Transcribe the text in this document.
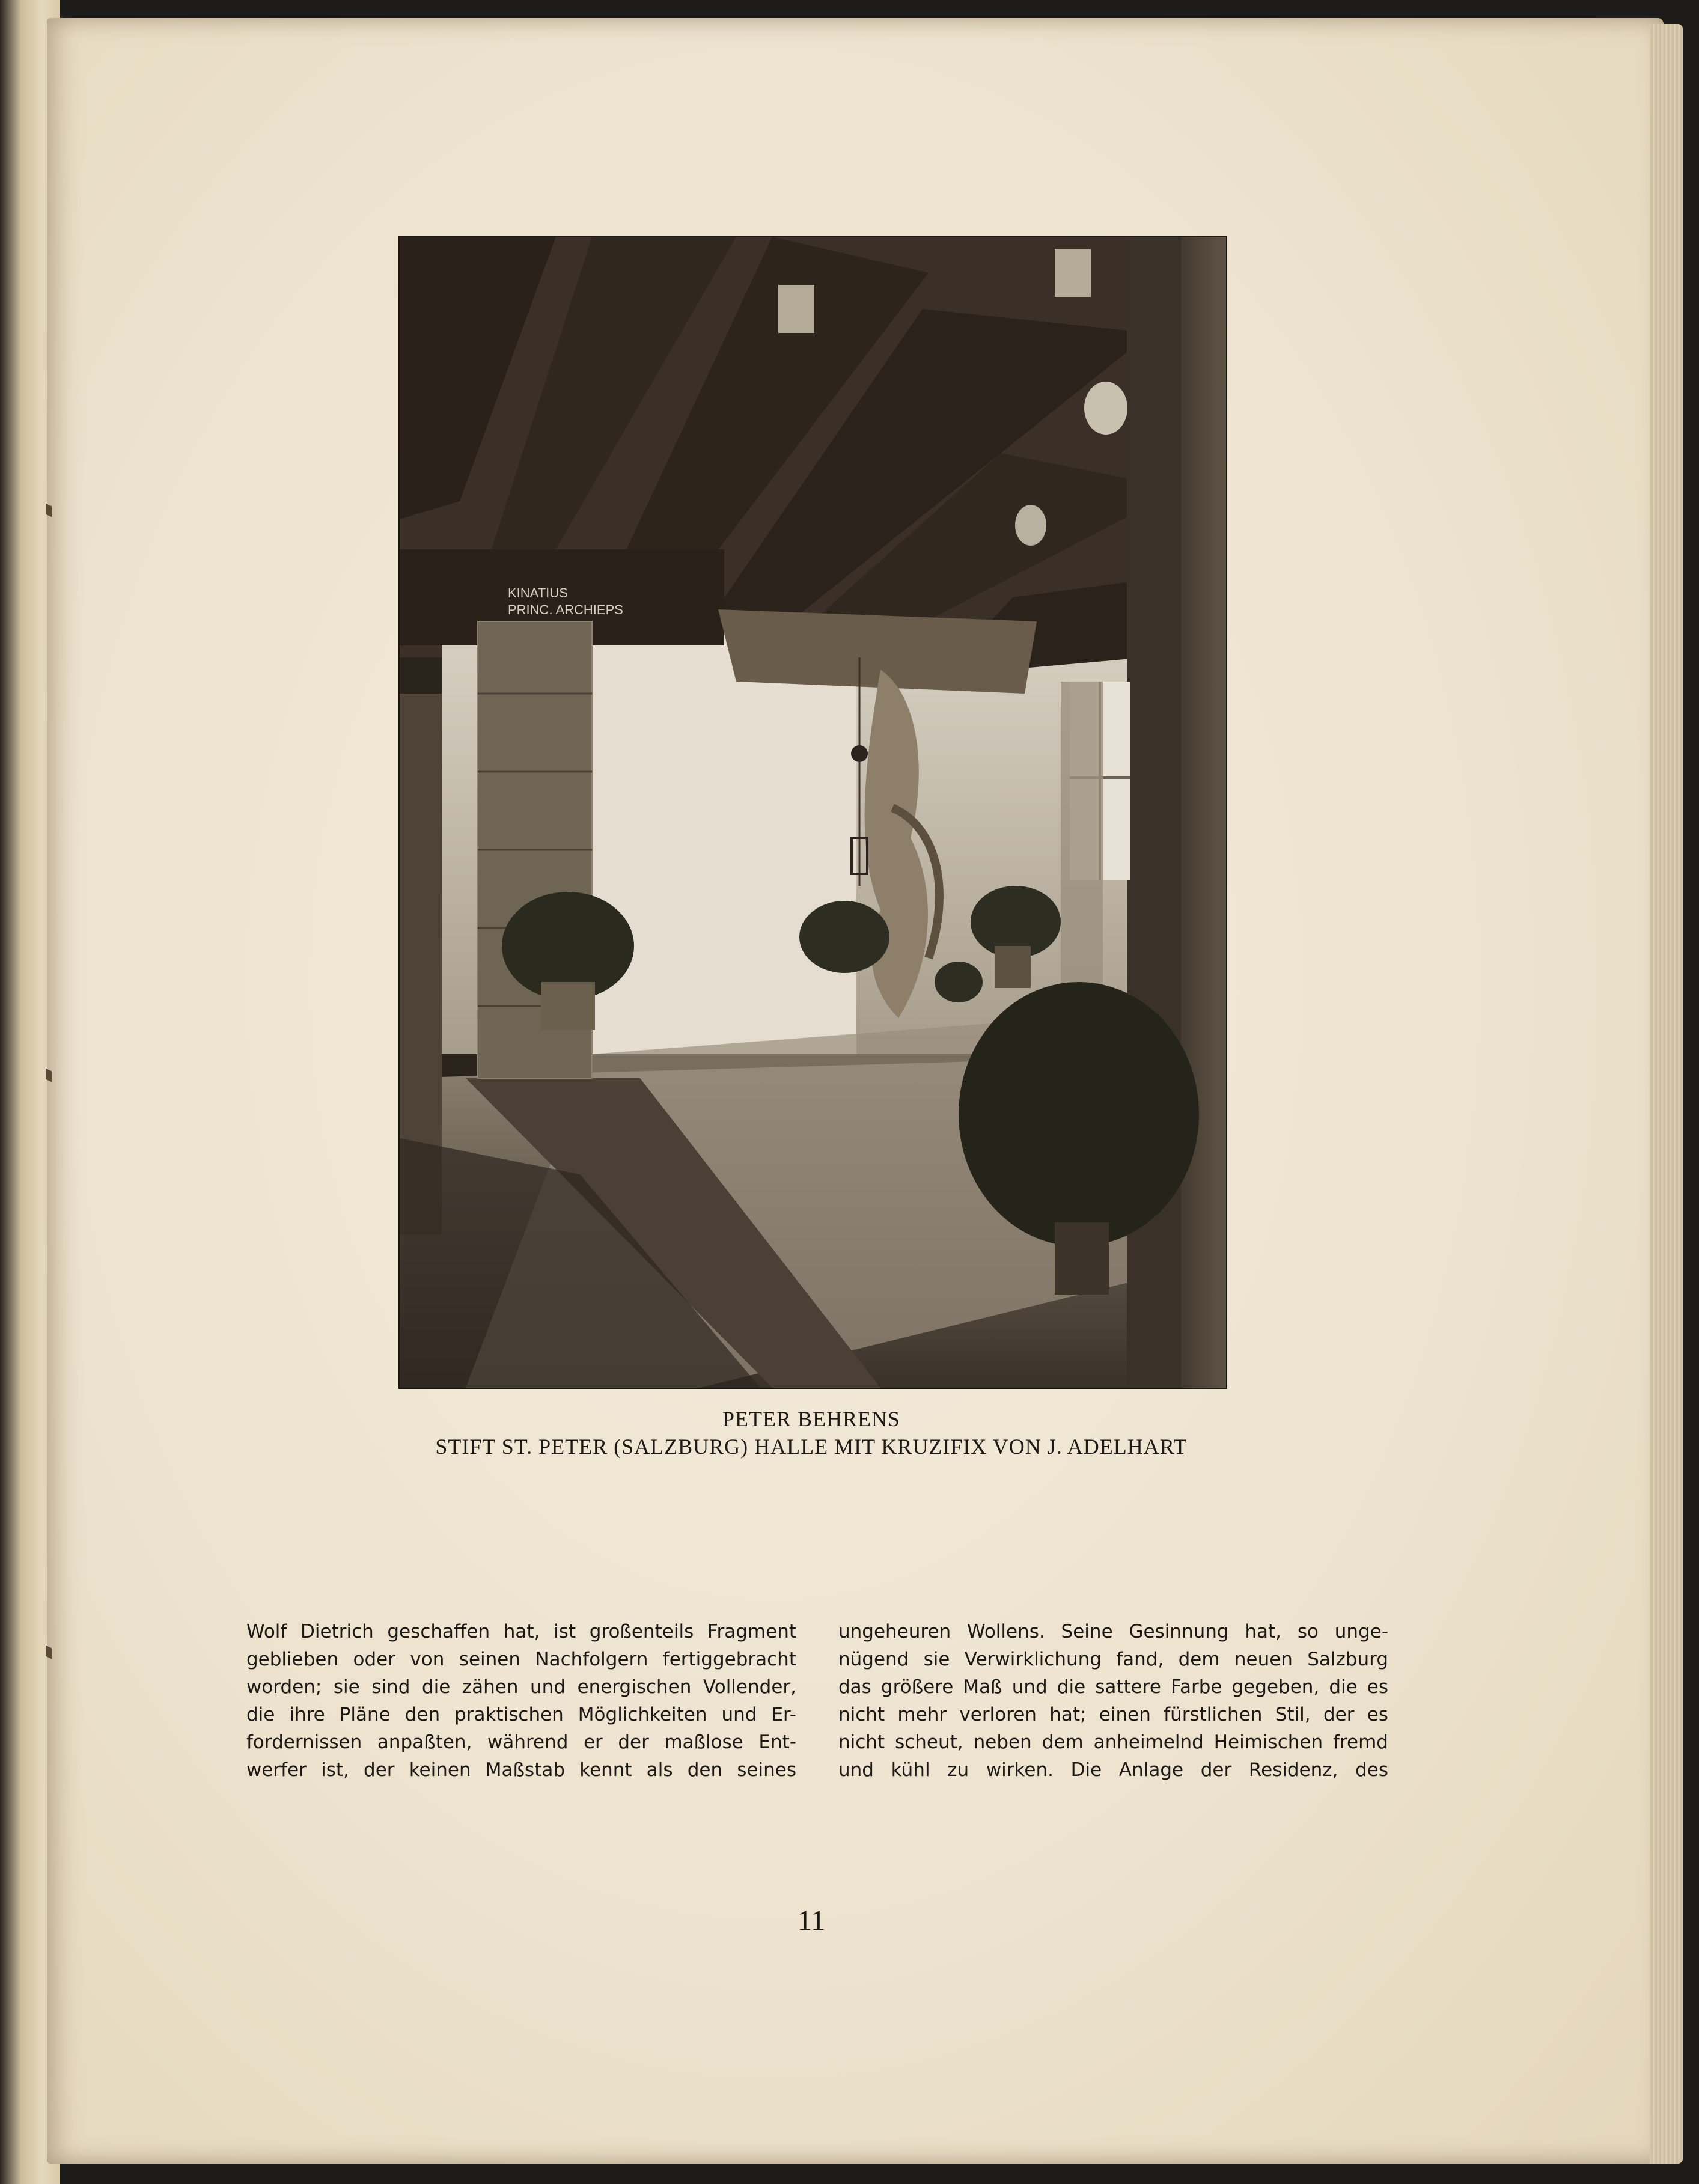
KINATIUS
PRINC. ARCHIEPS
PETER BEHRENS
STIFT ST. PETER (SALZBURG) HALLE MIT KRUZIFIX VON J. ADELHART
Wolf Dietrich geschaffen hat, ist großenteils Fragment
geblieben oder von seinen Nachfolgern fertiggebracht
worden; sie sind die zähen und energischen Vollender,
die ihre Pläne den praktischen Möglichkeiten und Er-
fordernissen anpaßten, während er der maßlose Ent-
werfer ist, der keinen Maßstab kennt als den seines
ungeheuren Wollens. Seine Gesinnung hat, so unge-
nügend sie Verwirklichung fand, dem neuen Salzburg
das größere Maß und die sattere Farbe gegeben, die es
nicht mehr verloren hat; einen fürstlichen Stil, der es
nicht scheut, neben dem anheimelnd Heimischen fremd
und kühl zu wirken. Die Anlage der Residenz, des
11
